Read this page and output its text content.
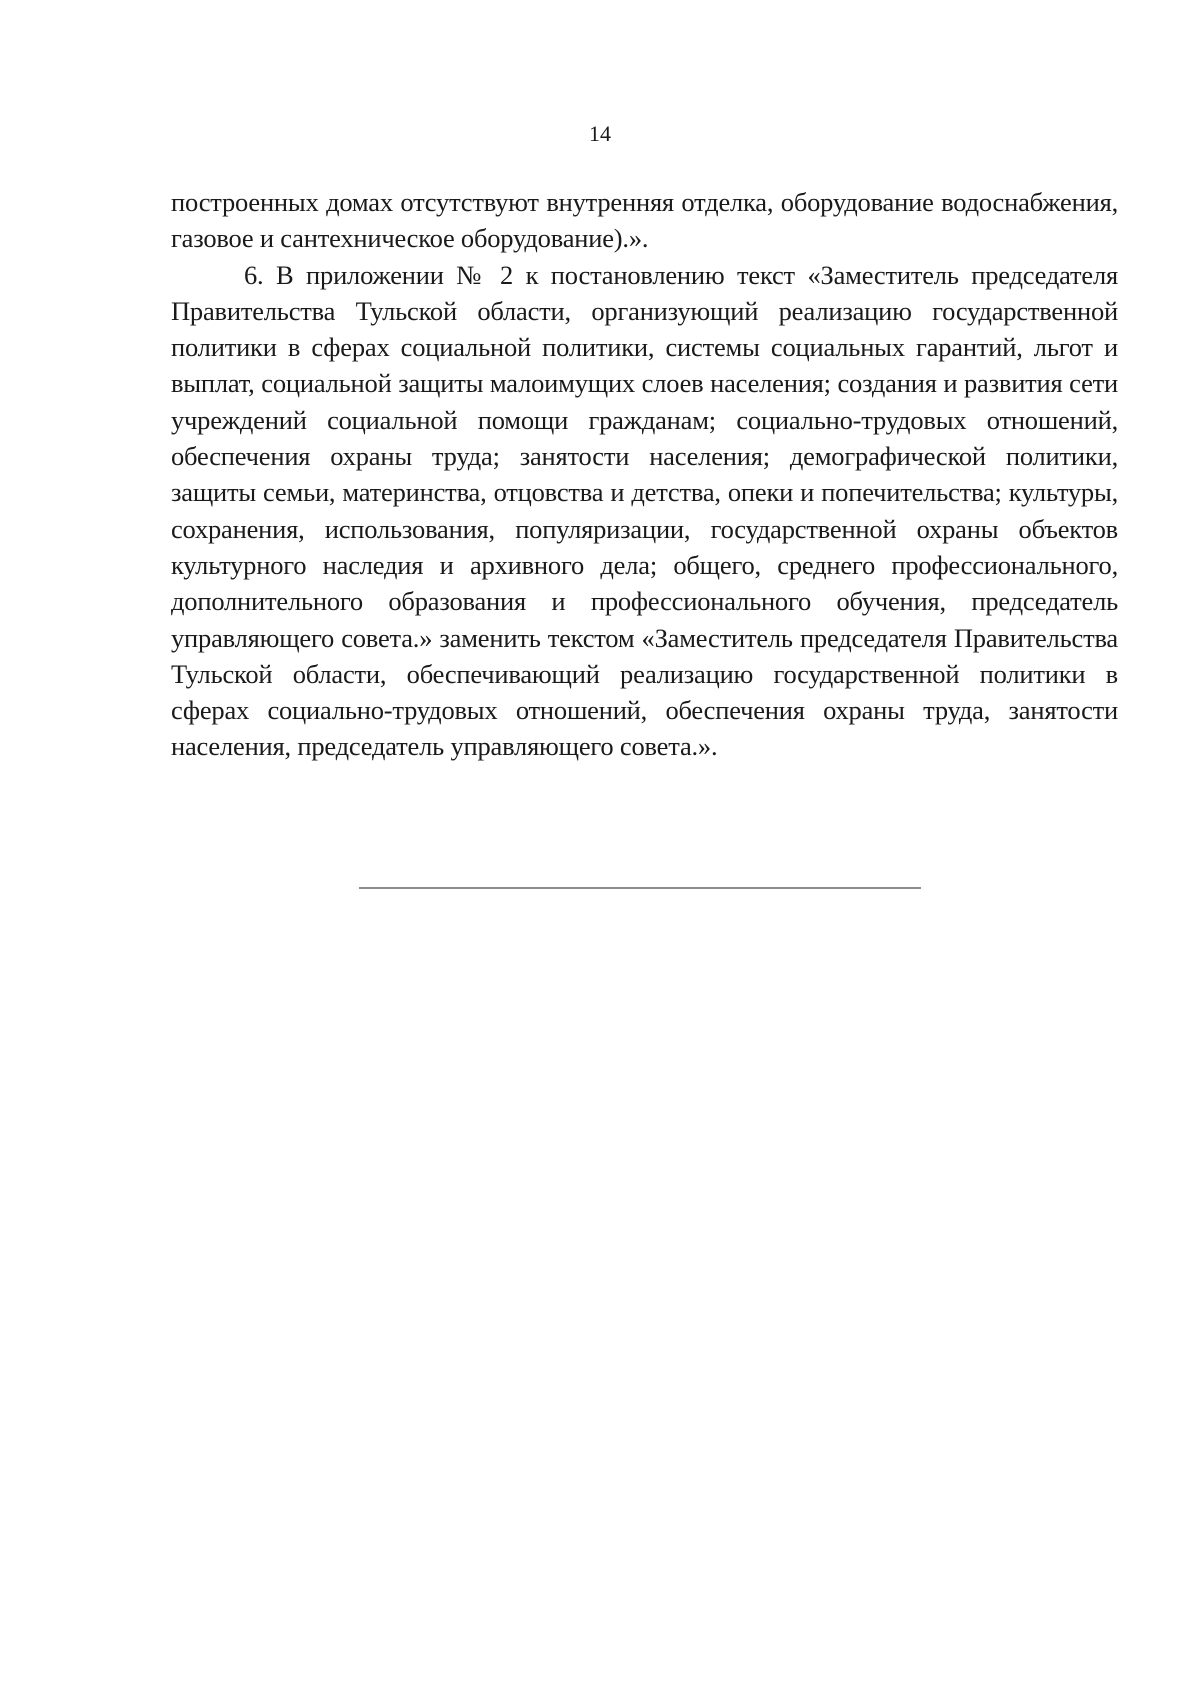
14

построенных домах отсутствуют внутренняя отделка, оборудование водоснабжения, газовое и сантехническое оборудование).».

6. В приложении № 2 к постановлению текст «Заместитель председателя Правительства Тульской области, организующий реализацию государственной политики в сферах социальной политики, системы социальных гарантий, льгот и выплат, социальной защиты малоимущих слоев населения; создания и развития сети учреждений социальной помощи гражданам; социально-трудовых отношений, обеспечения охраны труда; занятости населения; демографической политики, защиты семьи, материнства, отцовства и детства, опеки и попечительства; культуры, сохранения, использования, популяризации, государственной охраны объектов культурного наследия и архивного дела; общего, среднего профессионального, дополнительного образования и профессионального обучения, председатель управляющего совета.» заменить текстом «Заместитель председателя Правительства Тульской области, обеспечивающий реализацию государственной политики в сферах социально-трудовых отношений, обеспечения охраны труда, занятости населения, председатель управляющего совета.».
